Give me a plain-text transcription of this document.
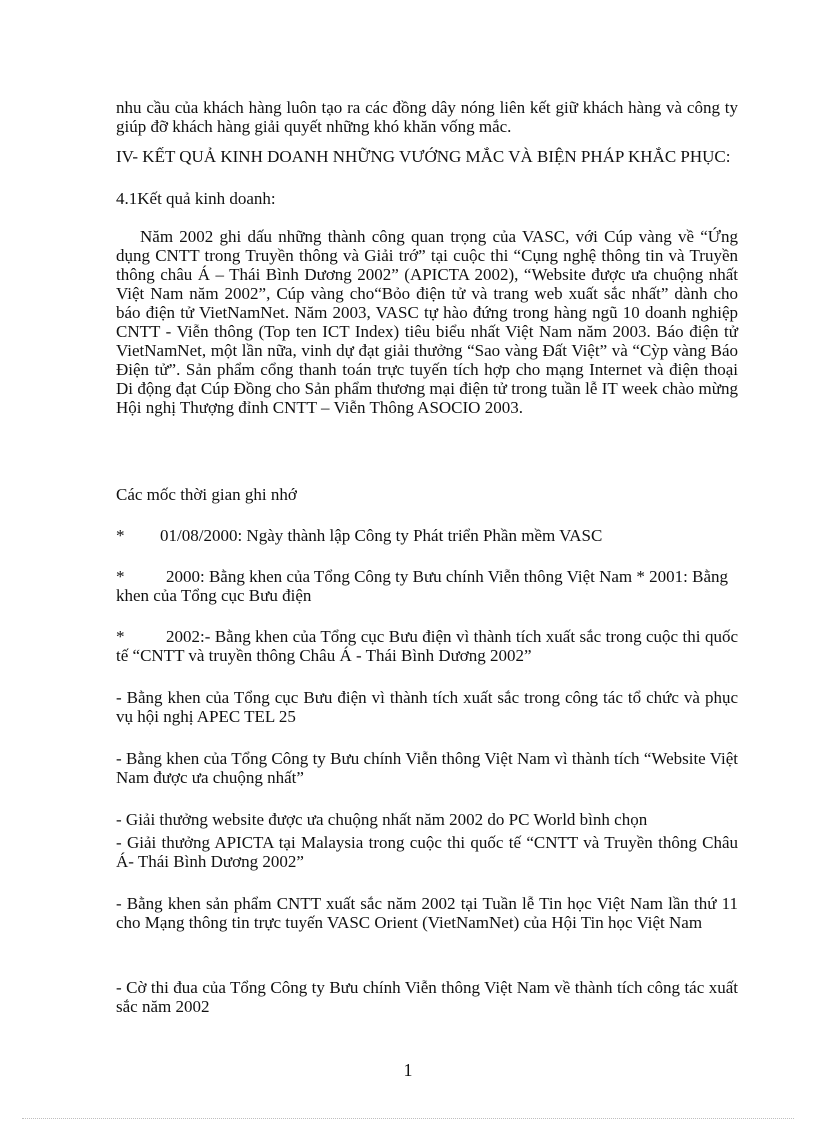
nhu cầu của khách hàng luôn tạo ra các đồng dây nóng liên kết giữ khách hàng và công ty giúp đỡ khách hàng giải quyết những khó khăn vống mắc.

IV- KẾT QUẢ KINH DOANH NHỮNG VƯỚNG MẮC VÀ BIỆN PHÁP KHẮC PHỤC:

4.1Kết quả kinh doanh:

Năm 2002 ghi dấu những thành công quan trọng của VASC, với Cúp vàng về “Ứng dụng CNTT trong Truyền thông và Giải trớ” tại cuộc thi “Cụng nghệ thông tin và Truyền thông châu Á – Thái Bình Dương 2002” (APICTA 2002), “Website được ưa chuộng nhất Việt Nam năm 2002”, Cúp vàng cho“Bỏo điện tử và trang web xuất sắc nhất” dành cho báo điện tử VietNamNet. Năm 2003, VASC tự hào đứng trong hàng ngũ 10 doanh nghiệp CNTT - Viễn thông (Top ten ICT Index) tiêu biểu nhất Việt Nam năm 2003. Báo điện tử VietNamNet, một lần nữa, vinh dự đạt giải thưởng “Sao vàng Đất Việt” và “Cỳp vàng Báo Điện tử”. Sản phẩm cổng thanh toán trực tuyến tích hợp cho mạng Internet và điện thoại Di động đạt Cúp Đồng cho Sản phẩm thương mại điện tử trong tuần lễ IT week chào mừng Hội nghị Thượng đỉnh CNTT – Viễn Thông ASOCIO 2003.

Các mốc thời gian ghi nhớ

* 01/08/2000: Ngày thành lập Công ty Phát triển Phần mềm VASC

* 2000: Bằng khen của Tổng Công ty Bưu chính Viễn thông Việt Nam * 2001: Bằng khen của Tổng cục Bưu điện

* 2002:- Bằng khen của Tổng cục Bưu điện vì thành tích xuất sắc trong cuộc thi quốc tế “CNTT và truyền thông Châu Á - Thái Bình Dương 2002”

- Bằng khen của Tổng cục Bưu điện vì thành tích xuất sắc trong công tác tổ chức và phục vụ hội nghị APEC TEL 25

- Bằng khen của Tổng Công ty Bưu chính Viễn thông Việt Nam vì thành tích “Website Việt Nam được ưa chuộng nhất”

- Giải thưởng website được ưa chuộng nhất năm 2002 do PC World bình chọn

- Giải thưởng APICTA tại Malaysia trong cuộc thi quốc tế “CNTT và Truyền thông Châu Á- Thái Bình Dương 2002”

- Bằng khen sản phẩm CNTT xuất sắc năm 2002 tại Tuần lễ Tin học Việt Nam lần thứ 11 cho Mạng thông tin trực tuyến VASC Orient (VietNamNet) của Hội Tin học Việt Nam

- Cờ thi đua của Tổng Công ty Bưu chính Viễn thông Việt Nam về thành tích công tác xuất sắc năm 2002

1
